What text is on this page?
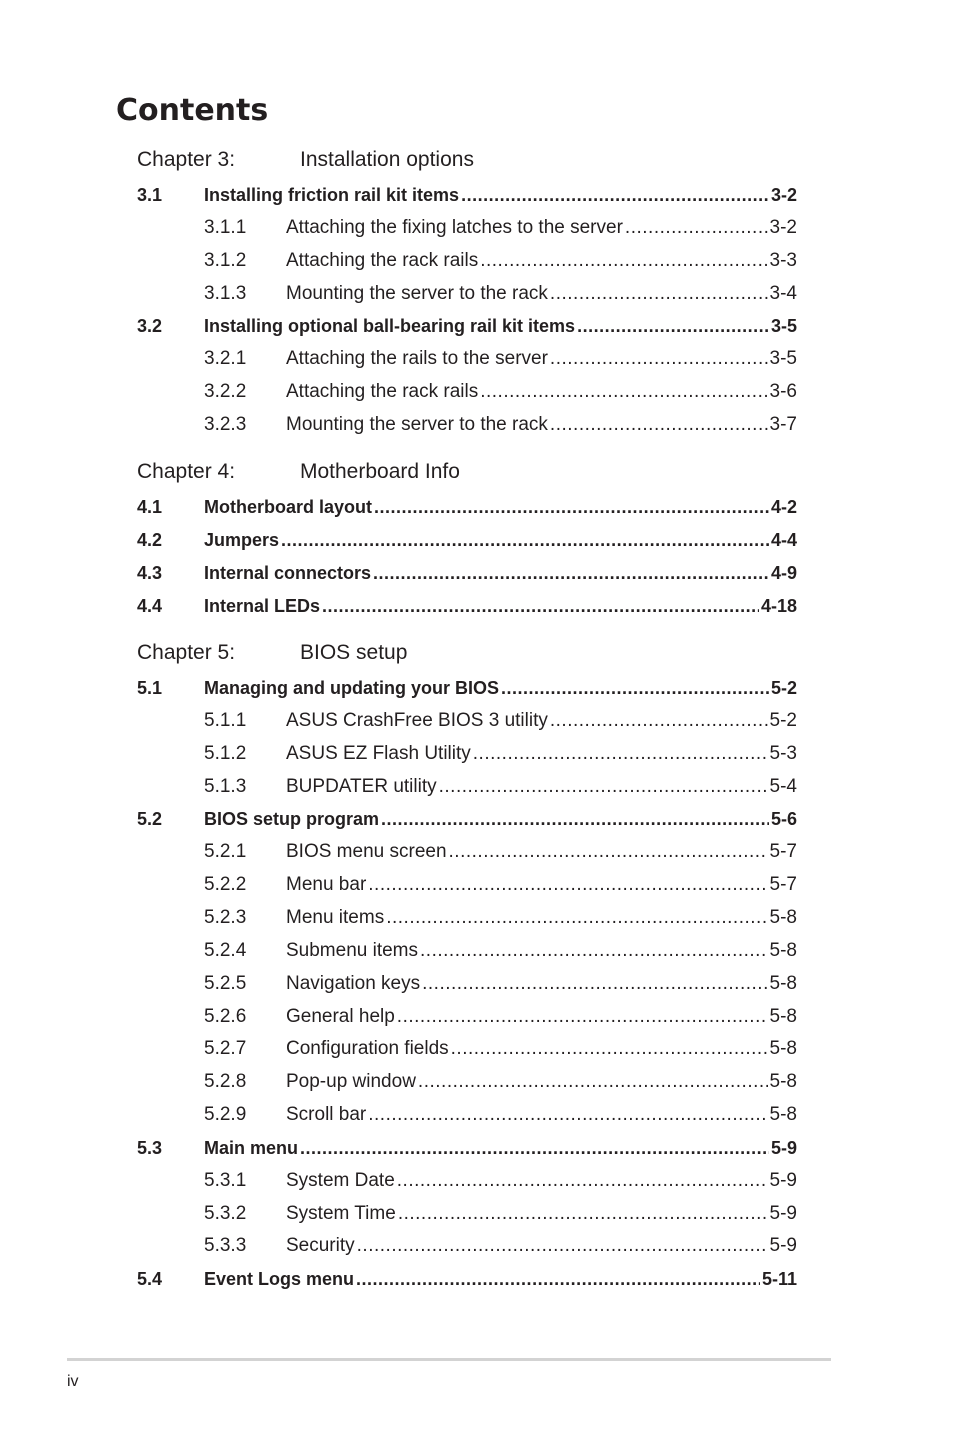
Contents
Chapter 3:	Installation options
3.1 Installing friction rail kit items .....	3-2
3.1.1 Attaching the fixing latches to the server .....	3-2
3.1.2 Attaching the rack rails .....	3-3
3.1.3 Mounting the server to the rack .....	3-4
3.2 Installing optional ball-bearing rail kit items .....	3-5
3.2.1 Attaching the rails to the server .....	3-5
3.2.2 Attaching the rack rails .....	3-6
3.2.3 Mounting the server to the rack .....	3-7
Chapter 4:	Motherboard Info
4.1 Motherboard layout .....	4-2
4.2 Jumpers .....	4-4
4.3 Internal connectors .....	4-9
4.4 Internal LEDs .....	4-18
Chapter 5:	BIOS setup
5.1 Managing and updating your BIOS .....	5-2
5.1.1 ASUS CrashFree BIOS 3 utility .....	5-2
5.1.2 ASUS EZ Flash Utility .....	5-3
5.1.3 BUPDATER utility .....	5-4
5.2 BIOS setup program .....	5-6
5.2.1 BIOS menu screen .....	5-7
5.2.2 Menu bar .....	5-7
5.2.3 Menu items .....	5-8
5.2.4 Submenu items .....	5-8
5.2.5 Navigation keys .....	5-8
5.2.6 General help .....	5-8
5.2.7 Configuration fields .....	5-8
5.2.8 Pop-up window .....	5-8
5.2.9 Scroll bar .....	5-8
5.3 Main menu .....	5-9
5.3.1 System Date .....	5-9
5.3.2 System Time .....	5-9
5.3.3 Security .....	5-9
5.4 Event Logs menu .....	5-11
iv
